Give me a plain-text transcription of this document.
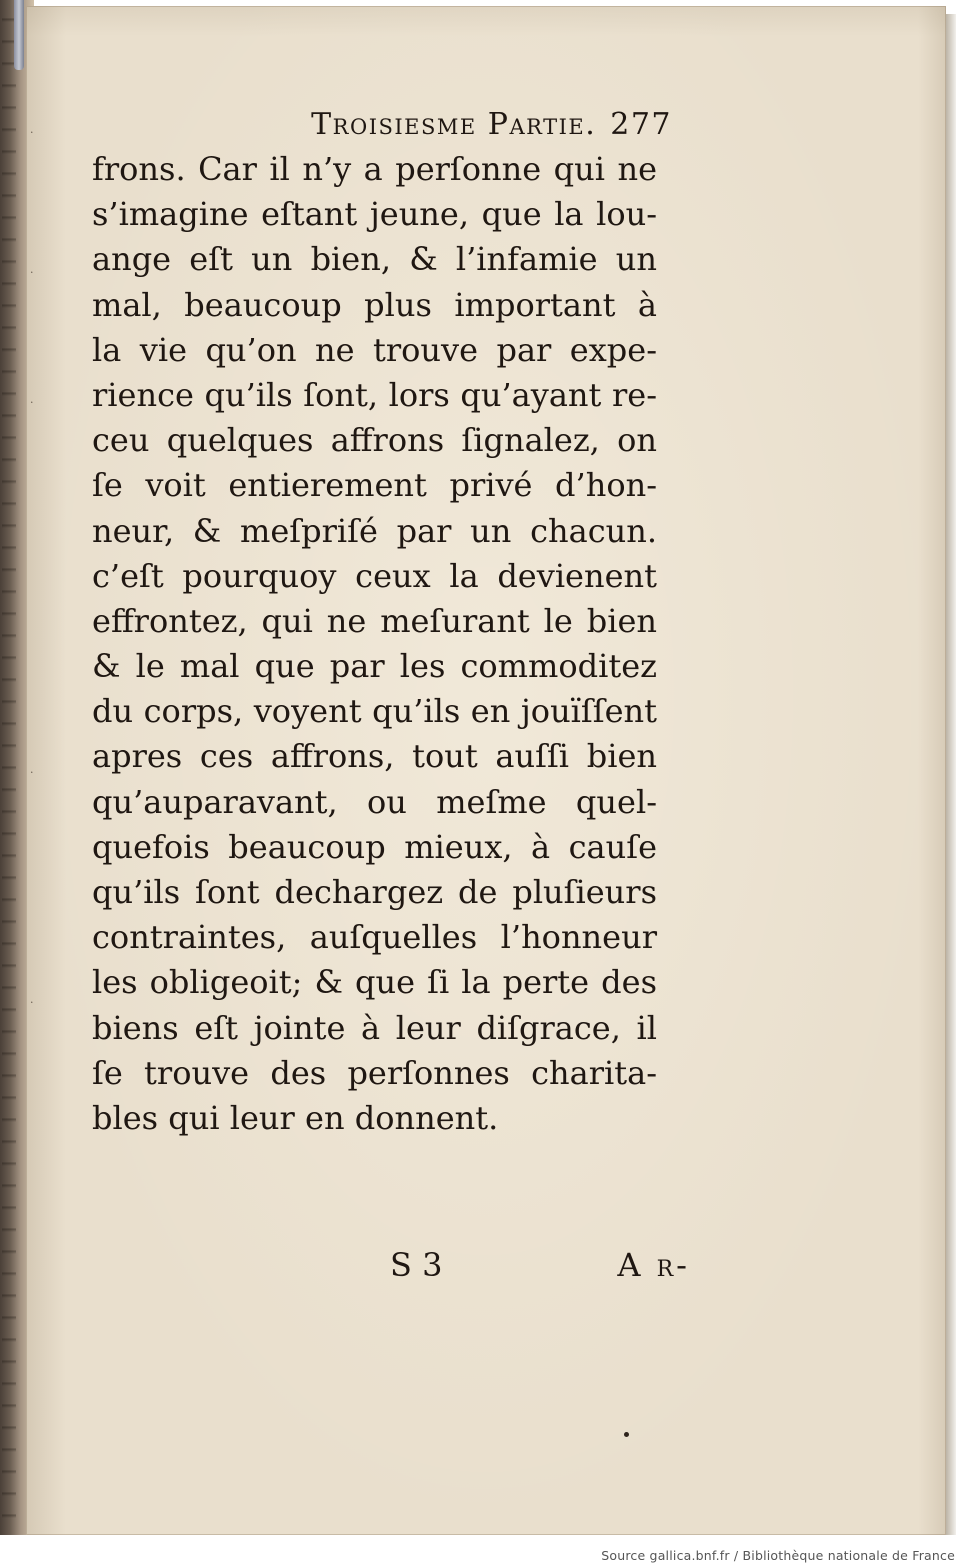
·
·
·
·
·
Troisiesme Partie. 277
frons. Car il n’y a perſonne qui ne
s’imagine eſtant jeune, que la lou-
ange eſt un bien, & l’infamie un
mal, beaucoup plus important à
la vie qu’on ne trouve par expe-
rience qu’ils ſont, lors qu’ayant re-
ceu quelques affrons ſignalez, on
ſe voit entierement privé d’hon-
neur, & meſpriſé par un chacun.
c’eſt pourquoy ceux la devienent
effrontez, qui ne meſurant le bien
& le mal que par les commoditez
du corps, voyent qu’ils en jouïſſent
apres ces affrons, tout auſſi bien
qu’auparavant, ou meſme quel-
quefois beaucoup mieux, à cauſe
qu’ils ſont dechargez de pluſieurs
contraintes, auſquelles l’honneur
les obligeoit; & que ſi la perte des
biens eſt jointe à leur diſgrace, il
ſe trouve des perſonnes charita-
bles qui leur en donnent.
S 3	A r-
Source gallica.bnf.fr / Bibliothèque nationale de France
